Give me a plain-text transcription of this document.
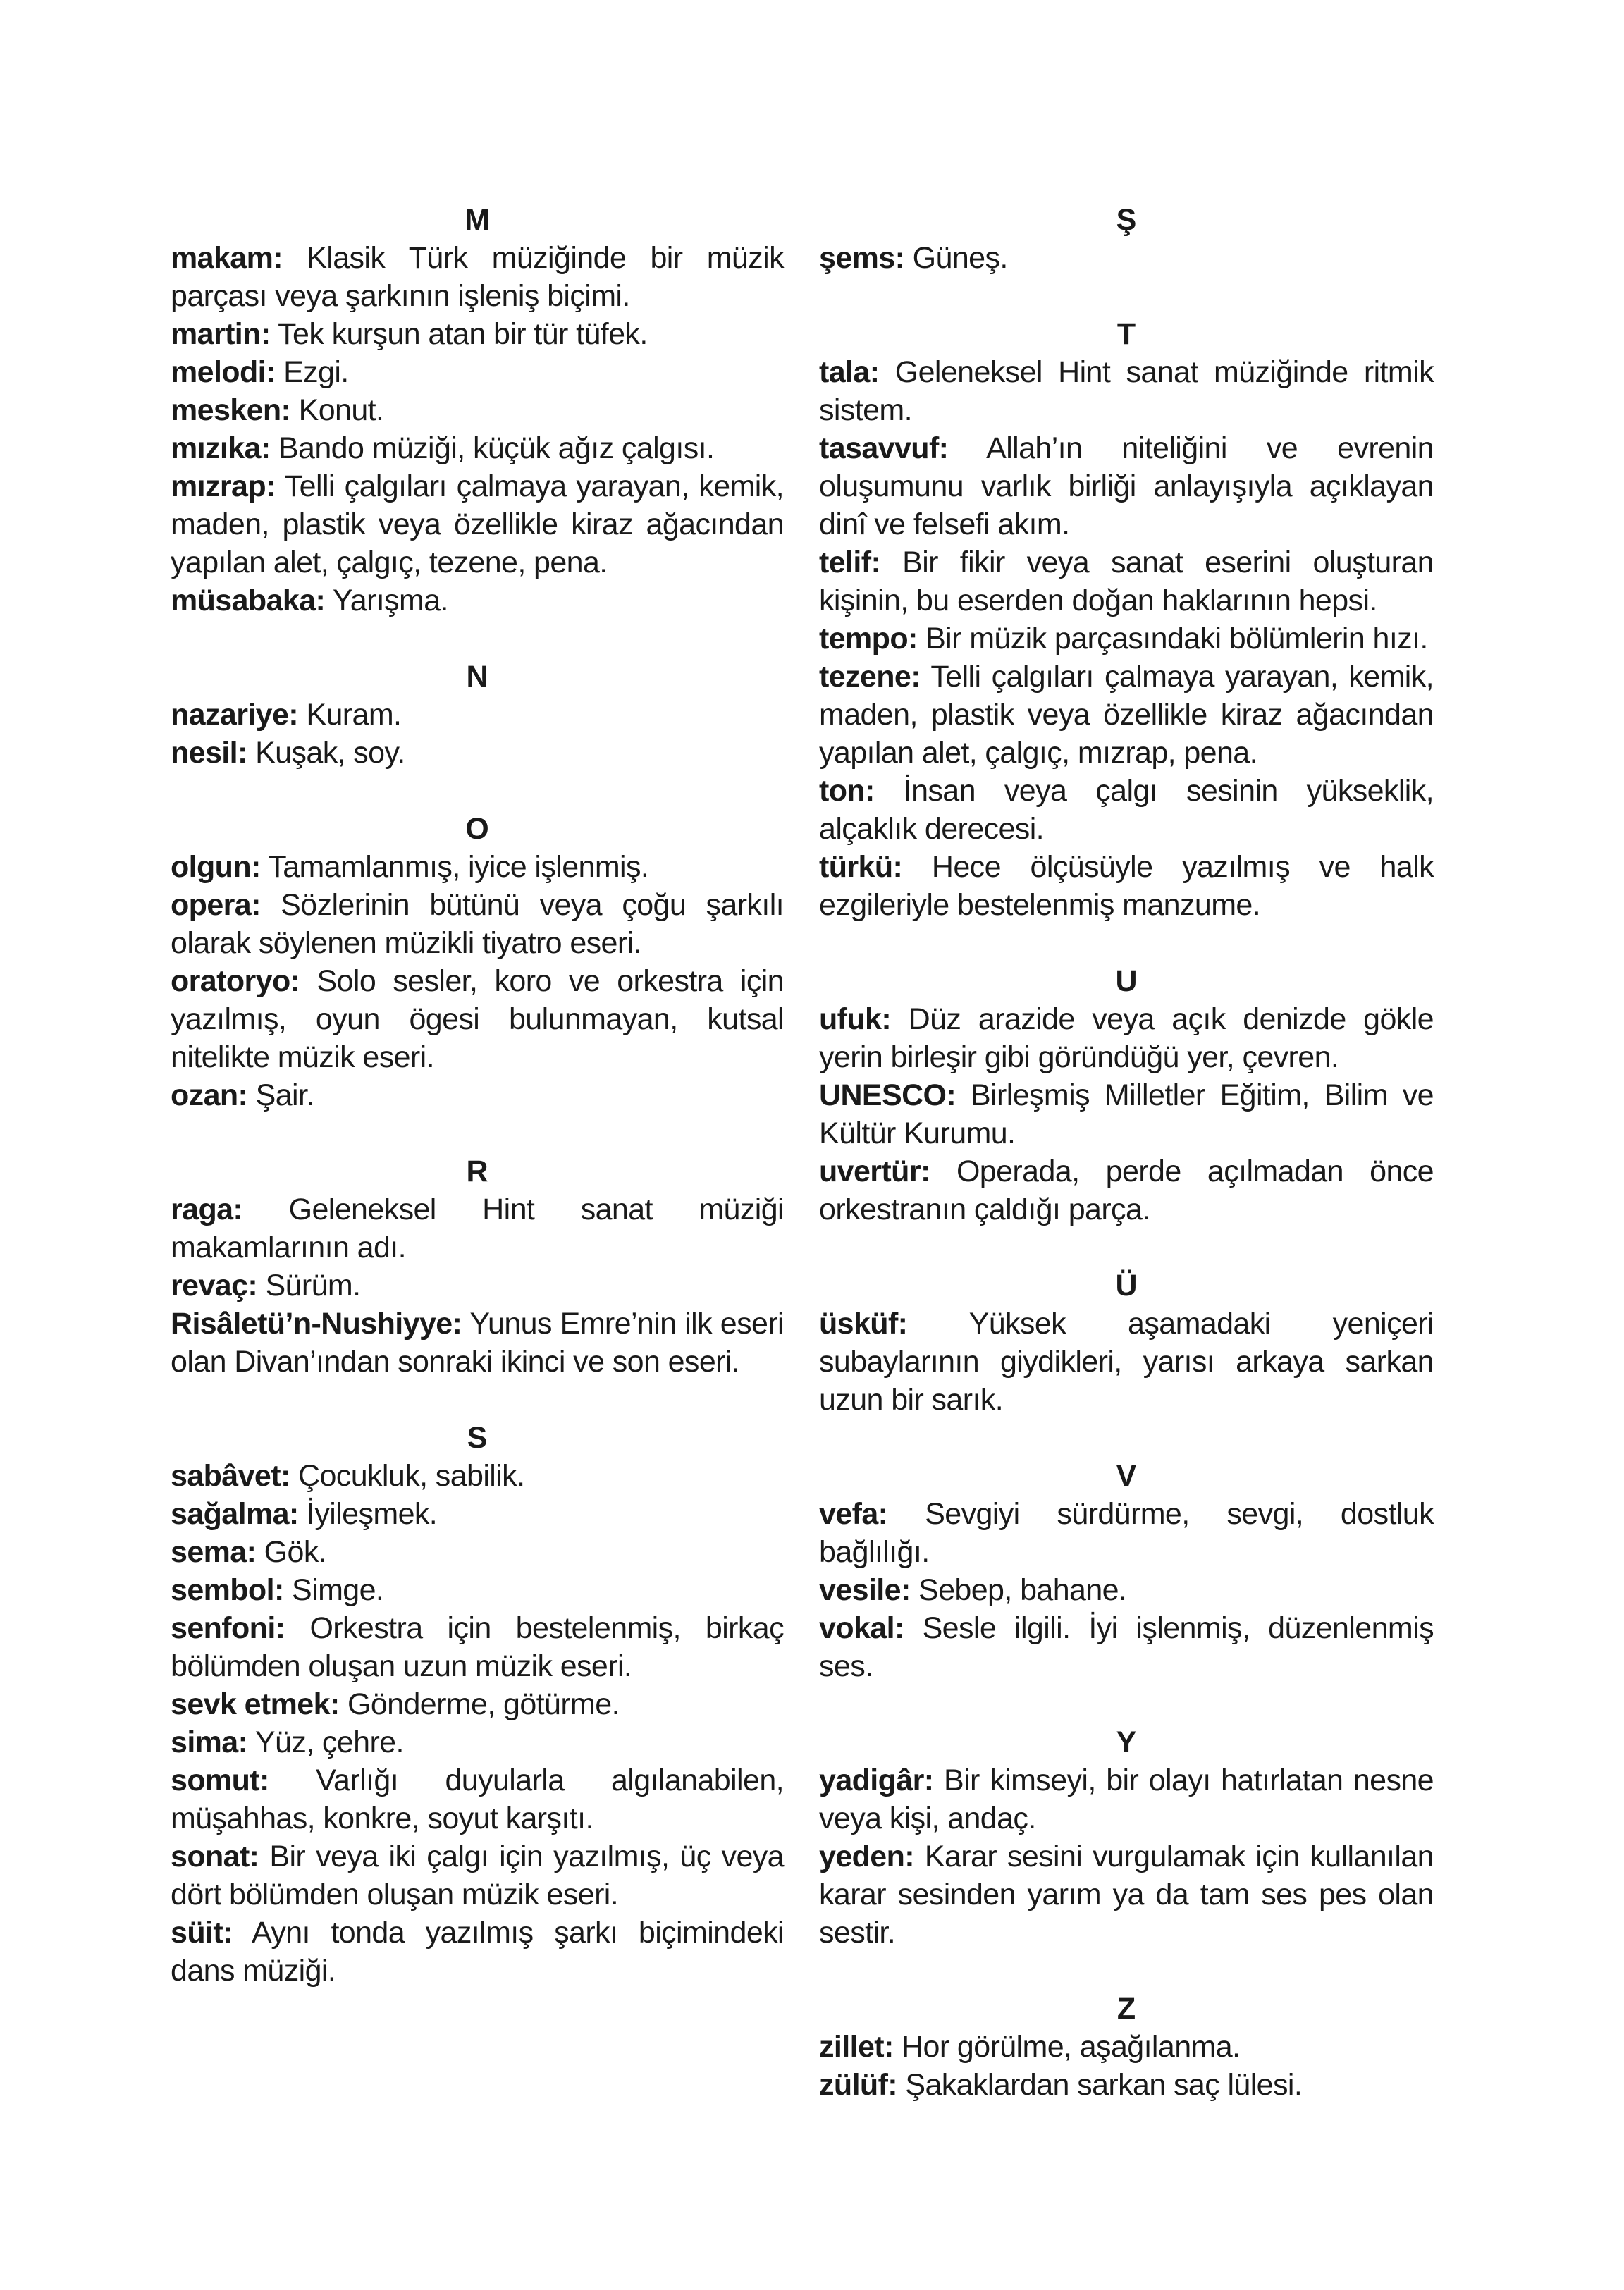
M

makam: Klasik Türk müziğinde bir müzik parçası veya şarkının işleniş biçimi.

martin: Tek kurşun atan bir tür tüfek.

melodi: Ezgi.

mesken: Konut.

mızıka: Bando müziği, küçük ağız çalgısı.

mızrap: Telli çalgıları çalmaya yarayan, kemik, maden, plastik veya özellikle kiraz ağacından yapılan alet, çalgıç, tezene, pena.

müsabaka: Yarışma.

N

nazariye: Kuram.

nesil: Kuşak, soy.

O

olgun: Tamamlanmış, iyice işlenmiş.

opera: Sözlerinin bütünü veya çoğu şarkılı olarak söylenen müzikli tiyatro eseri.

oratoryo: Solo sesler, koro ve orkestra için yazılmış, oyun ögesi bulunmayan, kutsal nitelikte müzik eseri.

ozan: Şair.

R

raga: Geleneksel Hint sanat müziği makamlarının adı.

revaç: Sürüm.

Risâletü’n-Nushiyye: Yunus Emre’nin ilk eseri olan Divan’ından sonraki ikinci ve son eseri.

S

sabâvet: Çocukluk, sabilik.

sağalma: İyileşmek.

sema: Gök.

sembol: Simge.

senfoni: Orkestra için bestelenmiş, birkaç bölümden oluşan uzun müzik eseri.

sevk etmek: Gönderme, götürme.

sima: Yüz, çehre.

somut: Varlığı duyularla algılanabilen, müşahhas, konkre, soyut karşıtı.

sonat: Bir veya iki çalgı için yazılmış, üç veya dört bölümden oluşan müzik eseri.

süit: Aynı tonda yazılmış şarkı biçimindeki dans müziği.

Ş

şems: Güneş.

T

tala: Geleneksel Hint sanat müziğinde ritmik sistem.

tasavvuf: Allah’ın niteliğini ve evrenin oluşumunu varlık birliği anlayışıyla açıklayan dinî ve felsefi akım.

telif: Bir fikir veya sanat eserini oluşturan kişinin, bu eserden doğan haklarının hepsi.

tempo: Bir müzik parçasındaki bölümlerin hızı.

tezene: Telli çalgıları çalmaya yarayan, kemik, maden, plastik veya özellikle kiraz ağacından yapılan alet, çalgıç, mızrap, pena.

ton: İnsan veya çalgı sesinin yükseklik, alçaklık derecesi.

türkü: Hece ölçüsüyle yazılmış ve halk ezgileriyle bestelenmiş manzume.

U

ufuk: Düz arazide veya açık denizde gökle yerin birleşir gibi göründüğü yer, çevren.

UNESCO: Birleşmiş Milletler Eğitim, Bilim ve Kültür Kurumu.

uvertür: Operada, perde açılmadan önce orkestranın çaldığı parça.

Ü

üsküf: Yüksek aşamadaki yeniçeri subaylarının giydikleri, yarısı arkaya sarkan uzun bir sarık.

V

vefa: Sevgiyi sürdürme, sevgi, dostluk bağlılığı.

vesile: Sebep, bahane.

vokal: Sesle ilgili. İyi işlenmiş, düzenlenmiş ses.

Y

yadigâr: Bir kimseyi, bir olayı hatırlatan nesne veya kişi, andaç.

yeden: Karar sesini vurgulamak için kullanılan karar sesinden yarım ya da tam ses pes olan sestir.

Z

zillet: Hor görülme, aşağılanma.

zülüf: Şakaklardan sarkan saç lülesi.
